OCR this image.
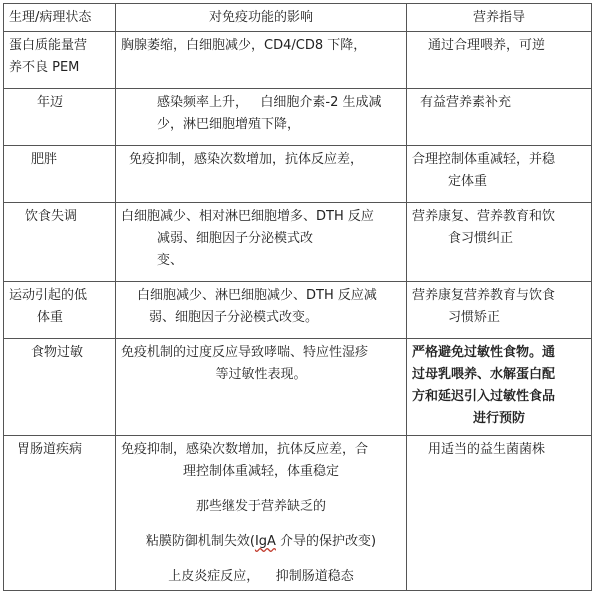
生理/病理状态	对免疫功能的影响	营养指导

蛋白质能量营
养不良 PEM	胸腺萎缩，白细胞减少，CD4/CD8 下降，	通过合理喂养，可逆

年迈	感染频率上升，   白细胞介素-2 生成减
少，淋巴细胞增殖下降，	有益营养素补充

肥胖	免疫抑制，感染次数增加，抗体反应差，	合理控制体重减轻，并稳
定体重

饮食失调	白细胞减少、相对淋巴细胞增多、DTH 反应
减弱、细胞因子分泌模式改
变、	营养康复、营养教育和饮
食习惯纠正

运动引起的低
体重	白细胞减少、淋巴细胞减少、DTH 反应减
弱、细胞因子分泌模式改变。	营养康复营养教育与饮食
习惯矫正

食物过敏	免疫机制的过度反应导致哮喘、特应性湿疹
等过敏性表现。	严格避免过敏性食物。通
过母乳喂养、水解蛋白配
方和延迟引入过敏性食品
进行预防

胃肠道疾病	免疫抑制，感染次数增加，抗体反应差，合
理控制体重减轻，体重稳定
那些继发于营养缺乏的
粘膜防御机制失效(IgA 介导的保护改变)
上皮炎症反应，    抑制肠道稳态	用适当的益生菌菌株
